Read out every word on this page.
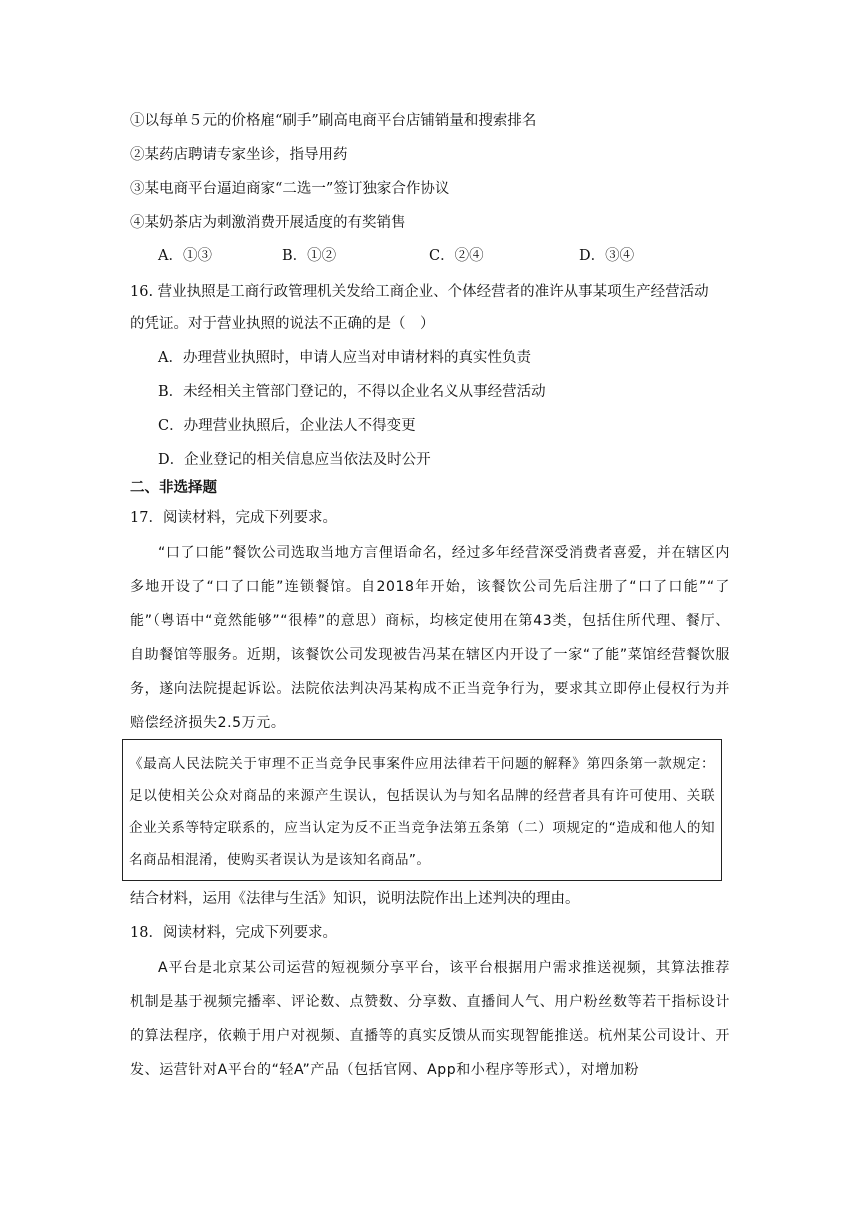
①以每单５元的价格雇“刷手”刷高电商平台店铺销量和搜索排名
②某药店聘请专家坐诊，指导用药
③某电商平台逼迫商家“二选一”签订独家合作协议
④某奶茶店为刺激消费开展适度的有奖销售
A．①③	B．①②	C．②④	D．③④
16. 营业执照是工商行政管理机关发给工商企业、个体经营者的准许从事某项生产经营活动
的凭证。对于营业执照的说法不正确的是（　）
A．办理营业执照时，申请人应当对申请材料的真实性负责
B．未经相关主管部门登记的，不得以企业名义从事经营活动
C．办理营业执照后，企业法人不得变更
D．企业登记的相关信息应当依法及时公开
二、非选择题
17．阅读材料，完成下列要求。
“口了口能”餐饮公司选取当地方言俚语命名，经过多年经营深受消费者喜爱，并在辖区内多地开设了“口了口能”连锁餐馆。自2018年开始，该餐饮公司先后注册了“口了口能”“了能”（粤语中“竟然能够”“很棒”的意思）商标，均核定使用在第43类，包括住所代理、餐厅、自助餐馆等服务。近期，该餐饮公司发现被告冯某在辖区内开设了一家“了能”菜馆经营餐饮服务，遂向法院提起诉讼。法院依法判决冯某构成不正当竞争行为，要求其立即停止侵权行为并赔偿经济损失2.5万元。

《最高人民法院关于审理不正当竞争民事案件应用法律若干问题的解释》第四条第一款规定：足以使相关公众对商品的来源产生误认，包括误认为与知名品牌的经营者具有许可使用、关联企业关系等特定联系的，应当认定为反不正当竞争法第五条第（二）项规定的“造成和他人的知名商品相混淆，使购买者误认为是该知名商品”。

结合材料，运用《法律与生活》知识，说明法院作出上述判决的理由。
18．阅读材料，完成下列要求。
A平台是北京某公司运营的短视频分享平台，该平台根据用户需求推送视频，其算法推荐机制是基于视频完播率、评论数、点赞数、分享数、直播间人气、用户粉丝数等若干指标设计的算法程序，依赖于用户对视频、直播等的真实反馈从而实现智能推送。杭州某公司设计、开发、运营针对A平台的“轻A”产品（包括官网、App和小程序等形式），对增加粉
